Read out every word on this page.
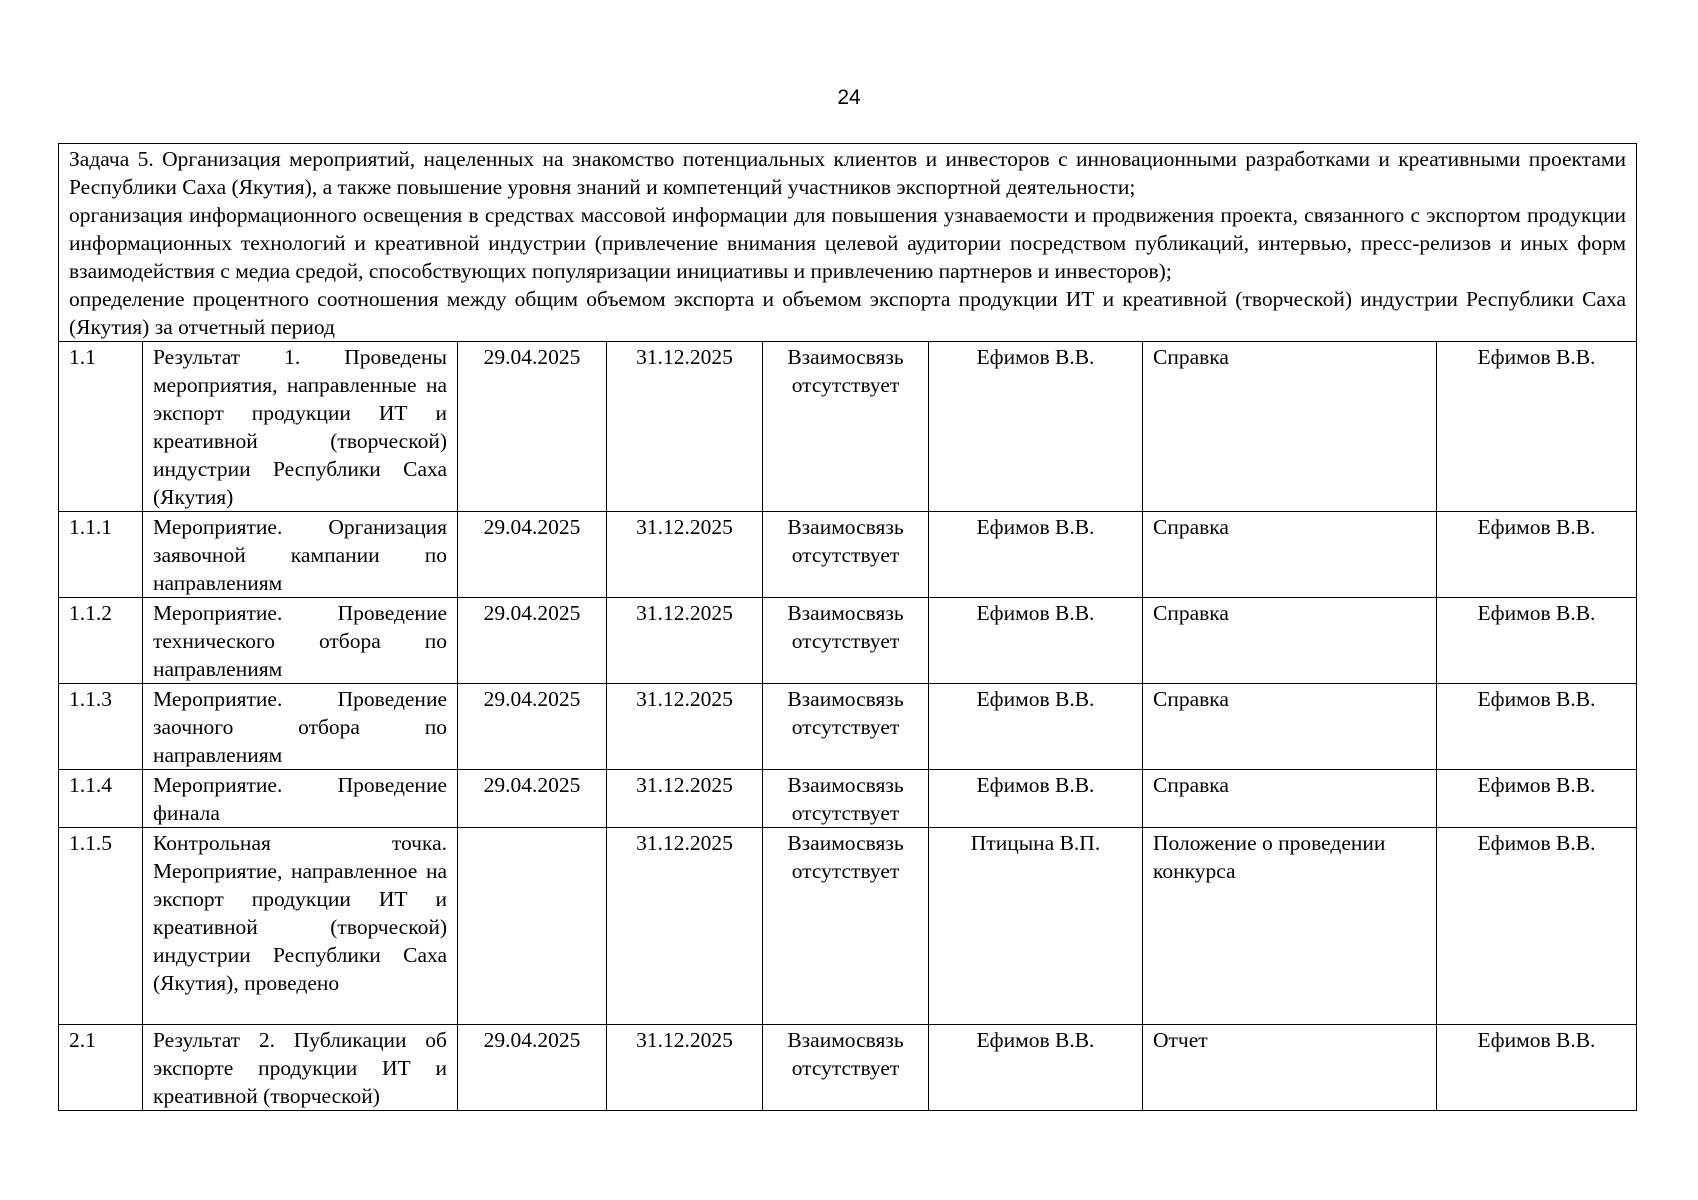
24
Задача 5. Организация мероприятий, нацеленных на знакомство потенциальных клиентов и инвесторов с инновационными разработками и креативными проектами Республики Саха (Якутия), а также повышение уровня знаний и компетенций участников экспортной деятельности;
организация информационного освещения в средствах массовой информации для повышения узнаваемости и продвижения проекта, связанного с экспортом продукции информационных технологий и креативной индустрии (привлечение внимания целевой аудитории посредством публикаций, интервью, пресс-релизов и иных форм взаимодействия с медиа средой, способствующих популяризации инициативы и привлечению партнеров и инвесторов);
определение процентного соотношения между общим объемом экспорта и объемом экспорта продукции ИТ и креативной (творческой) индустрии Республики Саха (Якутия) за отчетный период							

1.1	Результат 1. Проведены мероприятия, направленные на экспорт продукции ИТ и креативной (творческой) индустрии Республики Саха (Якутия)	29.04.2025	31.12.2025	Взаимосвязь отсутствует	Ефимов В.В.	Справка	Ефимов В.В.
1.1.1	Мероприятие. Организация заявочной кампании по направлениям	29.04.2025	31.12.2025	Взаимосвязь отсутствует	Ефимов В.В.	Справка	Ефимов В.В.
1.1.2	Мероприятие. Проведение технического отбора по направлениям	29.04.2025	31.12.2025	Взаимосвязь отсутствует	Ефимов В.В.	Справка	Ефимов В.В.
1.1.3	Мероприятие. Проведение заочного отбора по направлениям	29.04.2025	31.12.2025	Взаимосвязь отсутствует	Ефимов В.В.	Справка	Ефимов В.В.
1.1.4	Мероприятие. Проведение финала	29.04.2025	31.12.2025	Взаимосвязь отсутствует	Ефимов В.В.	Справка	Ефимов В.В.
1.1.5	Контрольная точка. Мероприятие, направленное на экспорт продукции ИТ и креативной (творческой) индустрии Республики Саха (Якутия), проведено		31.12.2025	Взаимосвязь отсутствует	Птицына В.П.	Положение о проведении конкурса	Ефимов В.В.
2.1	Результат 2. Публикации об экспорте продукции ИТ и креативной (творческой)	29.04.2025	31.12.2025	Взаимосвязь отсутствует	Ефимов В.В.	Отчет	Ефимов В.В.
